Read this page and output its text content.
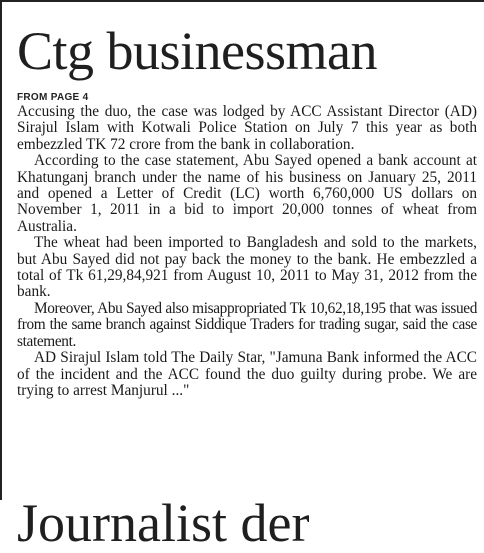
Ctg businessman
FROM PAGE 4

Accusing the duo, the case was lodged by ACC Assistant Director (AD) Sirajul Islam with Kotwali Police Station on July 7 this year as both embezzled TK 72 crore from the bank in collaboration.

According to the case statement, Abu Sayed opened a bank account at Khatunganj branch under the name of his business on January 25, 2011 and opened a Letter of Credit (LC) worth 6,760,000 US dollars on November 1, 2011 in a bid to import 20,000 tonnes of wheat from Australia.

The wheat had been imported to Bangladesh and sold to the markets, but Abu Sayed did not pay back the money to the bank. He embezzled a total of Tk 61,29,84,921 from August 10, 2011 to May 31, 2012 from the bank.

Moreover, Abu Sayed also misappropriated Tk 10,62,18,195 that was issued from the same branch against Siddique Traders for trading sugar, said the case statement.

AD Sirajul Islam told The Daily Star, "Jamuna Bank informed the ACC of the incident and the ACC found the duo guilty during probe. We are trying to arrest Manjurul ..."

Journalist der
